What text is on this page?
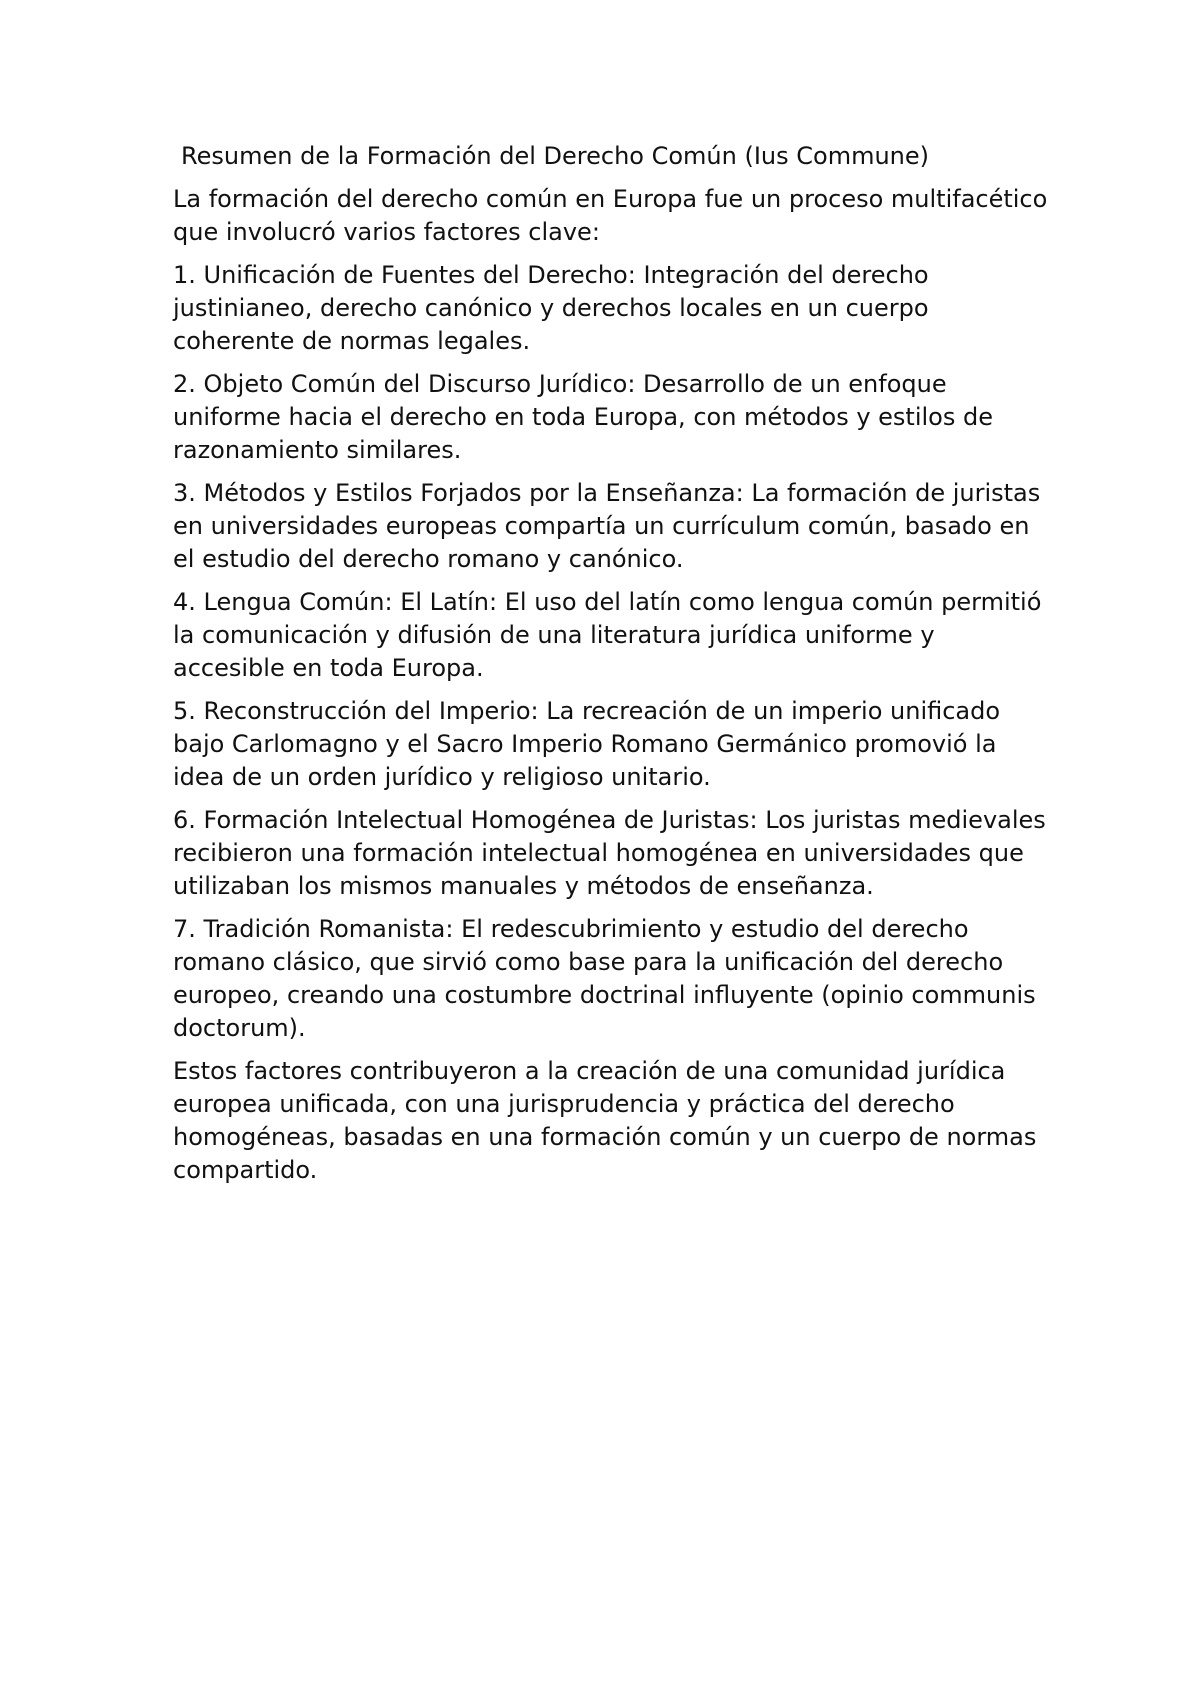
Resumen de la Formación del Derecho Común (Ius Commune)

La formación del derecho común en Europa fue un proceso multifacético que involucró varios factores clave:

1. Unificación de Fuentes del Derecho: Integración del derecho justinianeo, derecho canónico y derechos locales en un cuerpo coherente de normas legales.

2. Objeto Común del Discurso Jurídico: Desarrollo de un enfoque uniforme hacia el derecho en toda Europa, con métodos y estilos de razonamiento similares.

3. Métodos y Estilos Forjados por la Enseñanza: La formación de juristas en universidades europeas compartía un currículum común, basado en el estudio del derecho romano y canónico.

4. Lengua Común: El Latín: El uso del latín como lengua común permitió la comunicación y difusión de una literatura jurídica uniforme y accesible en toda Europa.

5. Reconstrucción del Imperio: La recreación de un imperio unificado bajo Carlomagno y el Sacro Imperio Romano Germánico promovió la idea de un orden jurídico y religioso unitario.

6. Formación Intelectual Homogénea de Juristas: Los juristas medievales recibieron una formación intelectual homogénea en universidades que utilizaban los mismos manuales y métodos de enseñanza.

7. Tradición Romanista: El redescubrimiento y estudio del derecho romano clásico, que sirvió como base para la unificación del derecho europeo, creando una costumbre doctrinal influyente (opinio communis doctorum).

Estos factores contribuyeron a la creación de una comunidad jurídica europea unificada, con una jurisprudencia y práctica del derecho homogéneas, basadas en una formación común y un cuerpo de normas compartido.
